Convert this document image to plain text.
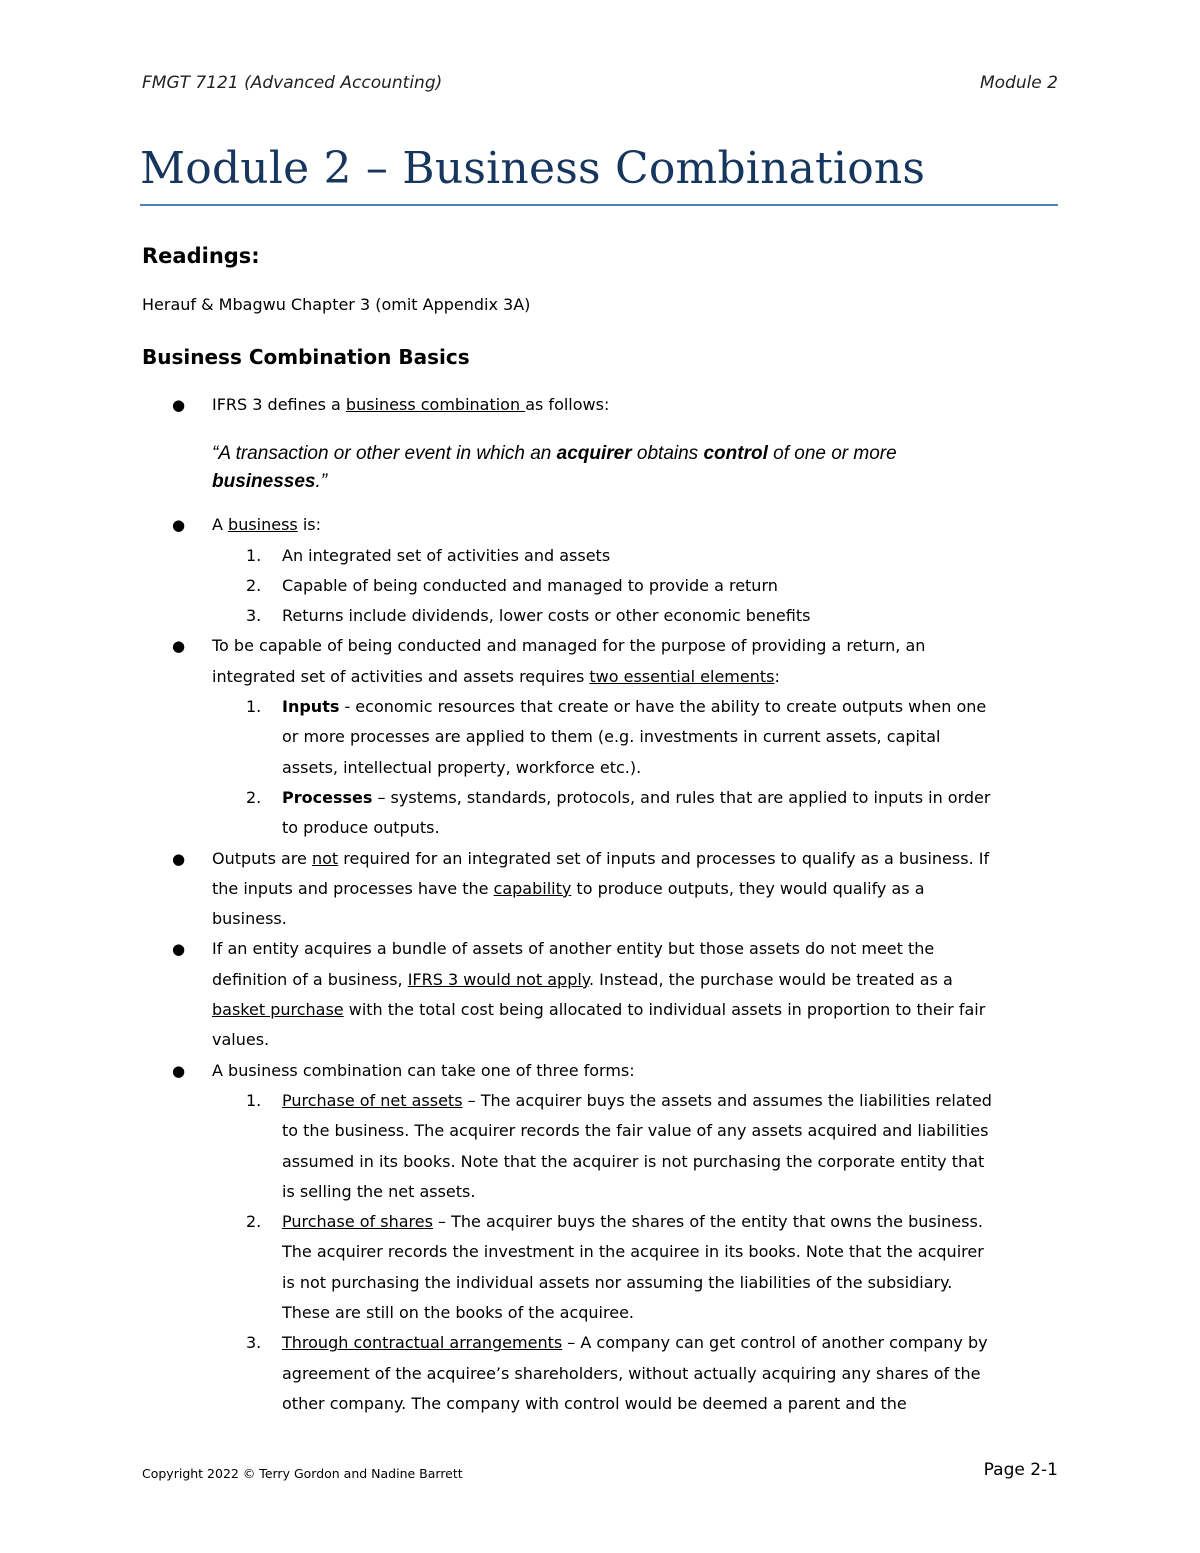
FMGT 7121 (Advanced Accounting)	Module 2
Module 2 – Business Combinations
Readings:
Herauf & Mbagwu Chapter 3 (omit Appendix 3A)
Business Combination Basics
● IFRS 3 defines a business combination as follows:
“A transaction or other event in which an acquirer obtains control of one or more businesses.”
● A business is:
1. An integrated set of activities and assets
2. Capable of being conducted and managed to provide a return
3. Returns include dividends, lower costs or other economic benefits
● To be capable of being conducted and managed for the purpose of providing a return, an
integrated set of activities and assets requires two essential elements:
1. Inputs - economic resources that create or have the ability to create outputs when one
or more processes are applied to them (e.g. investments in current assets, capital
assets, intellectual property, workforce etc.).
2. Processes – systems, standards, protocols, and rules that are applied to inputs in order
to produce outputs.
● Outputs are not required for an integrated set of inputs and processes to qualify as a business. If
the inputs and processes have the capability to produce outputs, they would qualify as a
business.
● If an entity acquires a bundle of assets of another entity but those assets do not meet the
definition of a business, IFRS 3 would not apply. Instead, the purchase would be treated as a
basket purchase with the total cost being allocated to individual assets in proportion to their fair
values.
● A business combination can take one of three forms:
1. Purchase of net assets – The acquirer buys the assets and assumes the liabilities related
to the business. The acquirer records the fair value of any assets acquired and liabilities
assumed in its books. Note that the acquirer is not purchasing the corporate entity that
is selling the net assets.
2. Purchase of shares – The acquirer buys the shares of the entity that owns the business.
The acquirer records the investment in the acquiree in its books. Note that the acquirer
is not purchasing the individual assets nor assuming the liabilities of the subsidiary.
These are still on the books of the acquiree.
3. Through contractual arrangements – A company can get control of another company by
agreement of the acquiree’s shareholders, without actually acquiring any shares of the
other company. The company with control would be deemed a parent and the
Copyright 2022 © Terry Gordon and Nadine Barrett	Page 2-1
